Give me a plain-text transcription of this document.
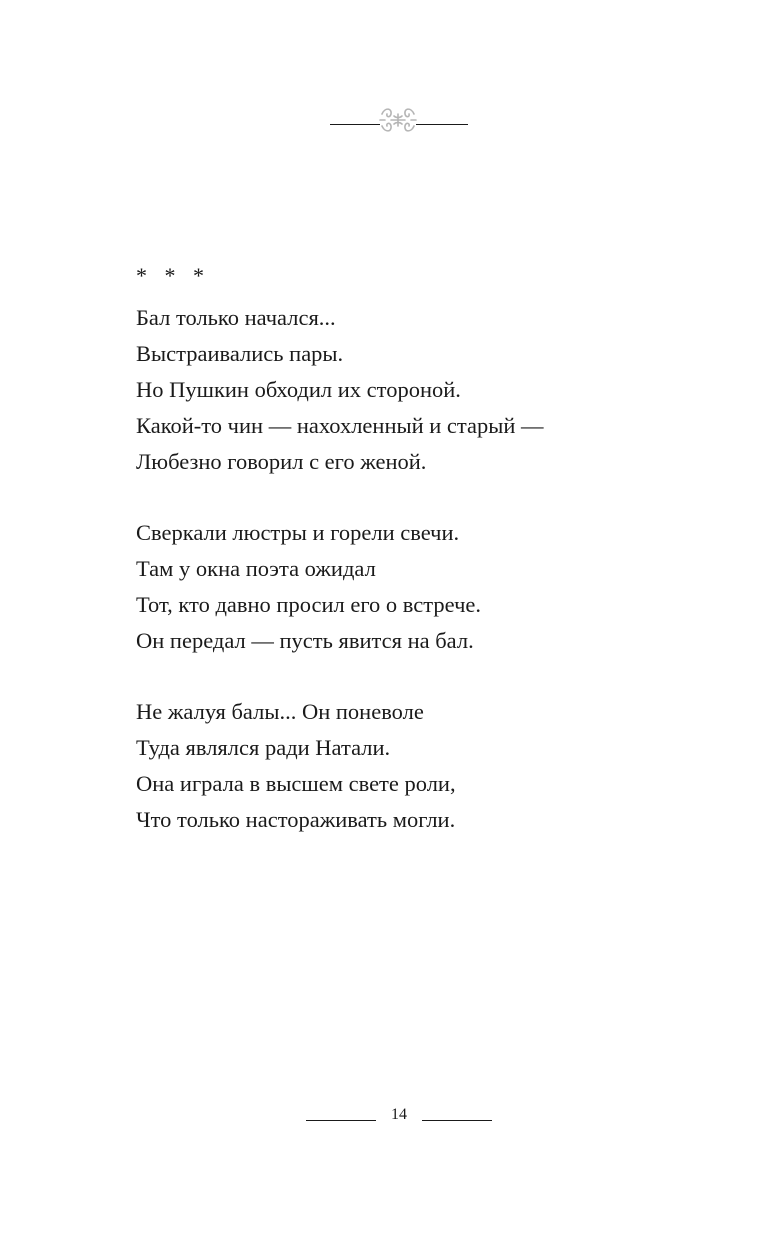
* * *
Бал только начался...
Выстраивались пары.
Но Пушкин обходил их стороной.
Какой-то чин — нахохленный и старый —
Любезно говорил с его женой.
Сверкали люстры и горели свечи.
Там у окна поэта ожидал
Тот, кто давно просил его о встрече.
Он передал — пусть явится на бал.
Не жалуя балы... Он поневоле
Туда являлся ради Натали.
Она играла в высшем свете роли,
Что только настораживать могли.
14
